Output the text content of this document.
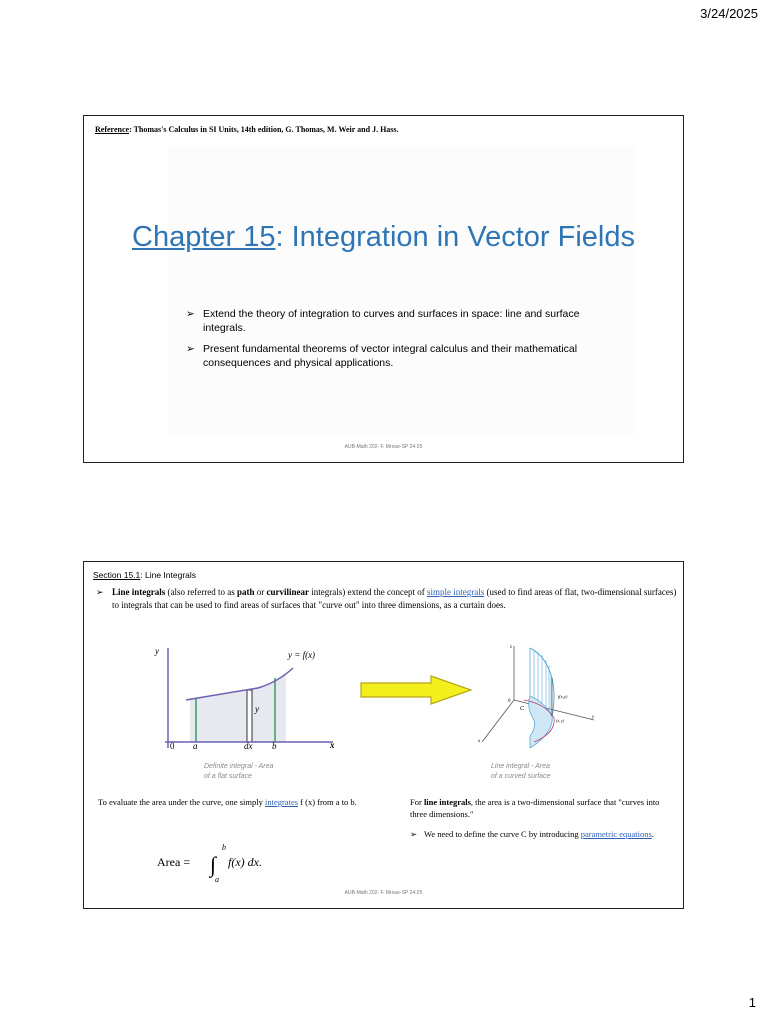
3/24/2025
Reference: Thomas's Calculus in SI Units, 14th edition, G. Thomas, M. Weir and J. Hass.
Chapter 15: Integration in Vector Fields
➢ Extend the theory of integration to curves and surfaces in space: line and surface integrals.
➢ Present fundamental theorems of vector integral calculus and their mathematical consequences and physical applications.
AUB-Math 202- F. Mroue-SP 24-25
Section 15.1: Line Integrals
➢ Line integrals (also referred to as path or curvilinear integrals) extend the concept of simple integrals (used to find areas of flat, two-dimensional surfaces) to integrals that can be used to find areas of surfaces that "curve out" into three dimensions, as a curtain does.
y
x
0 a	dx b
y
y = f(x)
z
y
x
0
C
f(x,y)
(x, y)
Definite integral - Area
of a flat surface
Line integral - Area
of a curved surface
To evaluate the area under the curve, one simply integrates f (x) from a to b.
Area = ∫
b
a
f(x) dx.
For line integrals, the area is a two-dimensional surface that "curves into three dimensions."
➢ We need to define the curve C by introducing parametric equations.
AUB-Math 202- F. Mroue-SP 24-25
1
